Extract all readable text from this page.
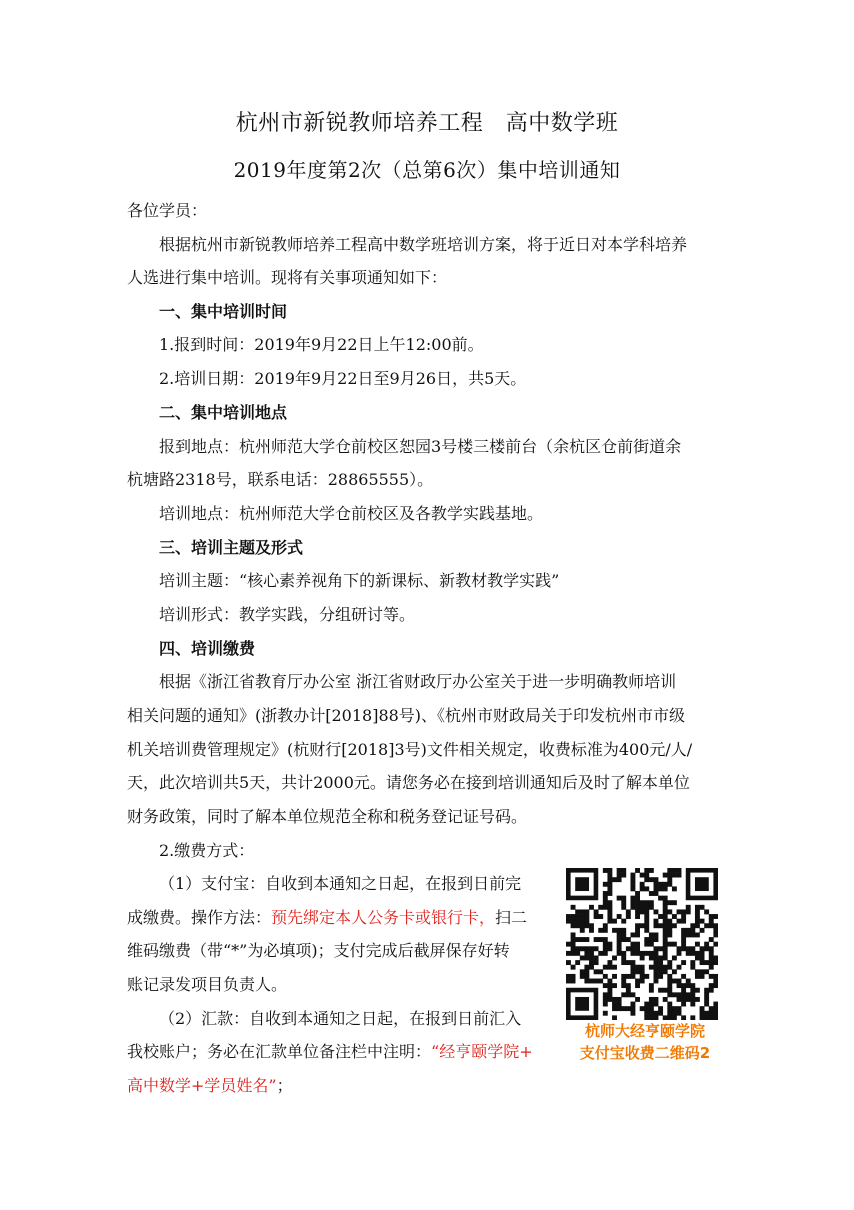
杭州市新锐教师培养工程　高中数学班
2019年度第2次（总第6次）集中培训通知
各位学员：
根据杭州市新锐教师培养工程高中数学班培训方案，将于近日对本学科培养
人选进行集中培训。现将有关事项通知如下：
一、集中培训时间
1.报到时间：2019年9月22日上午12:00前。
2.培训日期：2019年9月22日至9月26日，共5天。
二、集中培训地点
报到地点：杭州师范大学仓前校区恕园3号楼三楼前台（余杭区仓前街道余
杭塘路2318号，联系电话：28865555）。
培训地点：杭州师范大学仓前校区及各教学实践基地。
三、培训主题及形式
培训主题：“核心素养视角下的新课标、新教材教学实践”
培训形式：教学实践，分组研讨等。
四、培训缴费
根据《浙江省教育厅办公室 浙江省财政厅办公室关于进一步明确教师培训
相关问题的通知》(浙教办计[2018]88号)、《杭州市财政局关于印发杭州市市级
机关培训费管理规定》(杭财行[2018]3号)文件相关规定，收费标准为400元/人/
天，此次培训共5天，共计2000元。请您务必在接到培训通知后及时了解本单位
财务政策，同时了解本单位规范全称和税务登记证号码。
2.缴费方式：
（1）支付宝：自收到本通知之日起，在报到日前完
成缴费。操作方法：预先绑定本人公务卡或银行卡，扫二
维码缴费（带“*”为必填项)；支付完成后截屏保存好转
账记录发项目负责人。
（2）汇款：自收到本通知之日起，在报到日前汇入
我校账户；务必在汇款单位备注栏中注明：“经亨颐学院+
高中数学+学员姓名”；
杭师大经亨颐学院
支付宝收费二维码2
